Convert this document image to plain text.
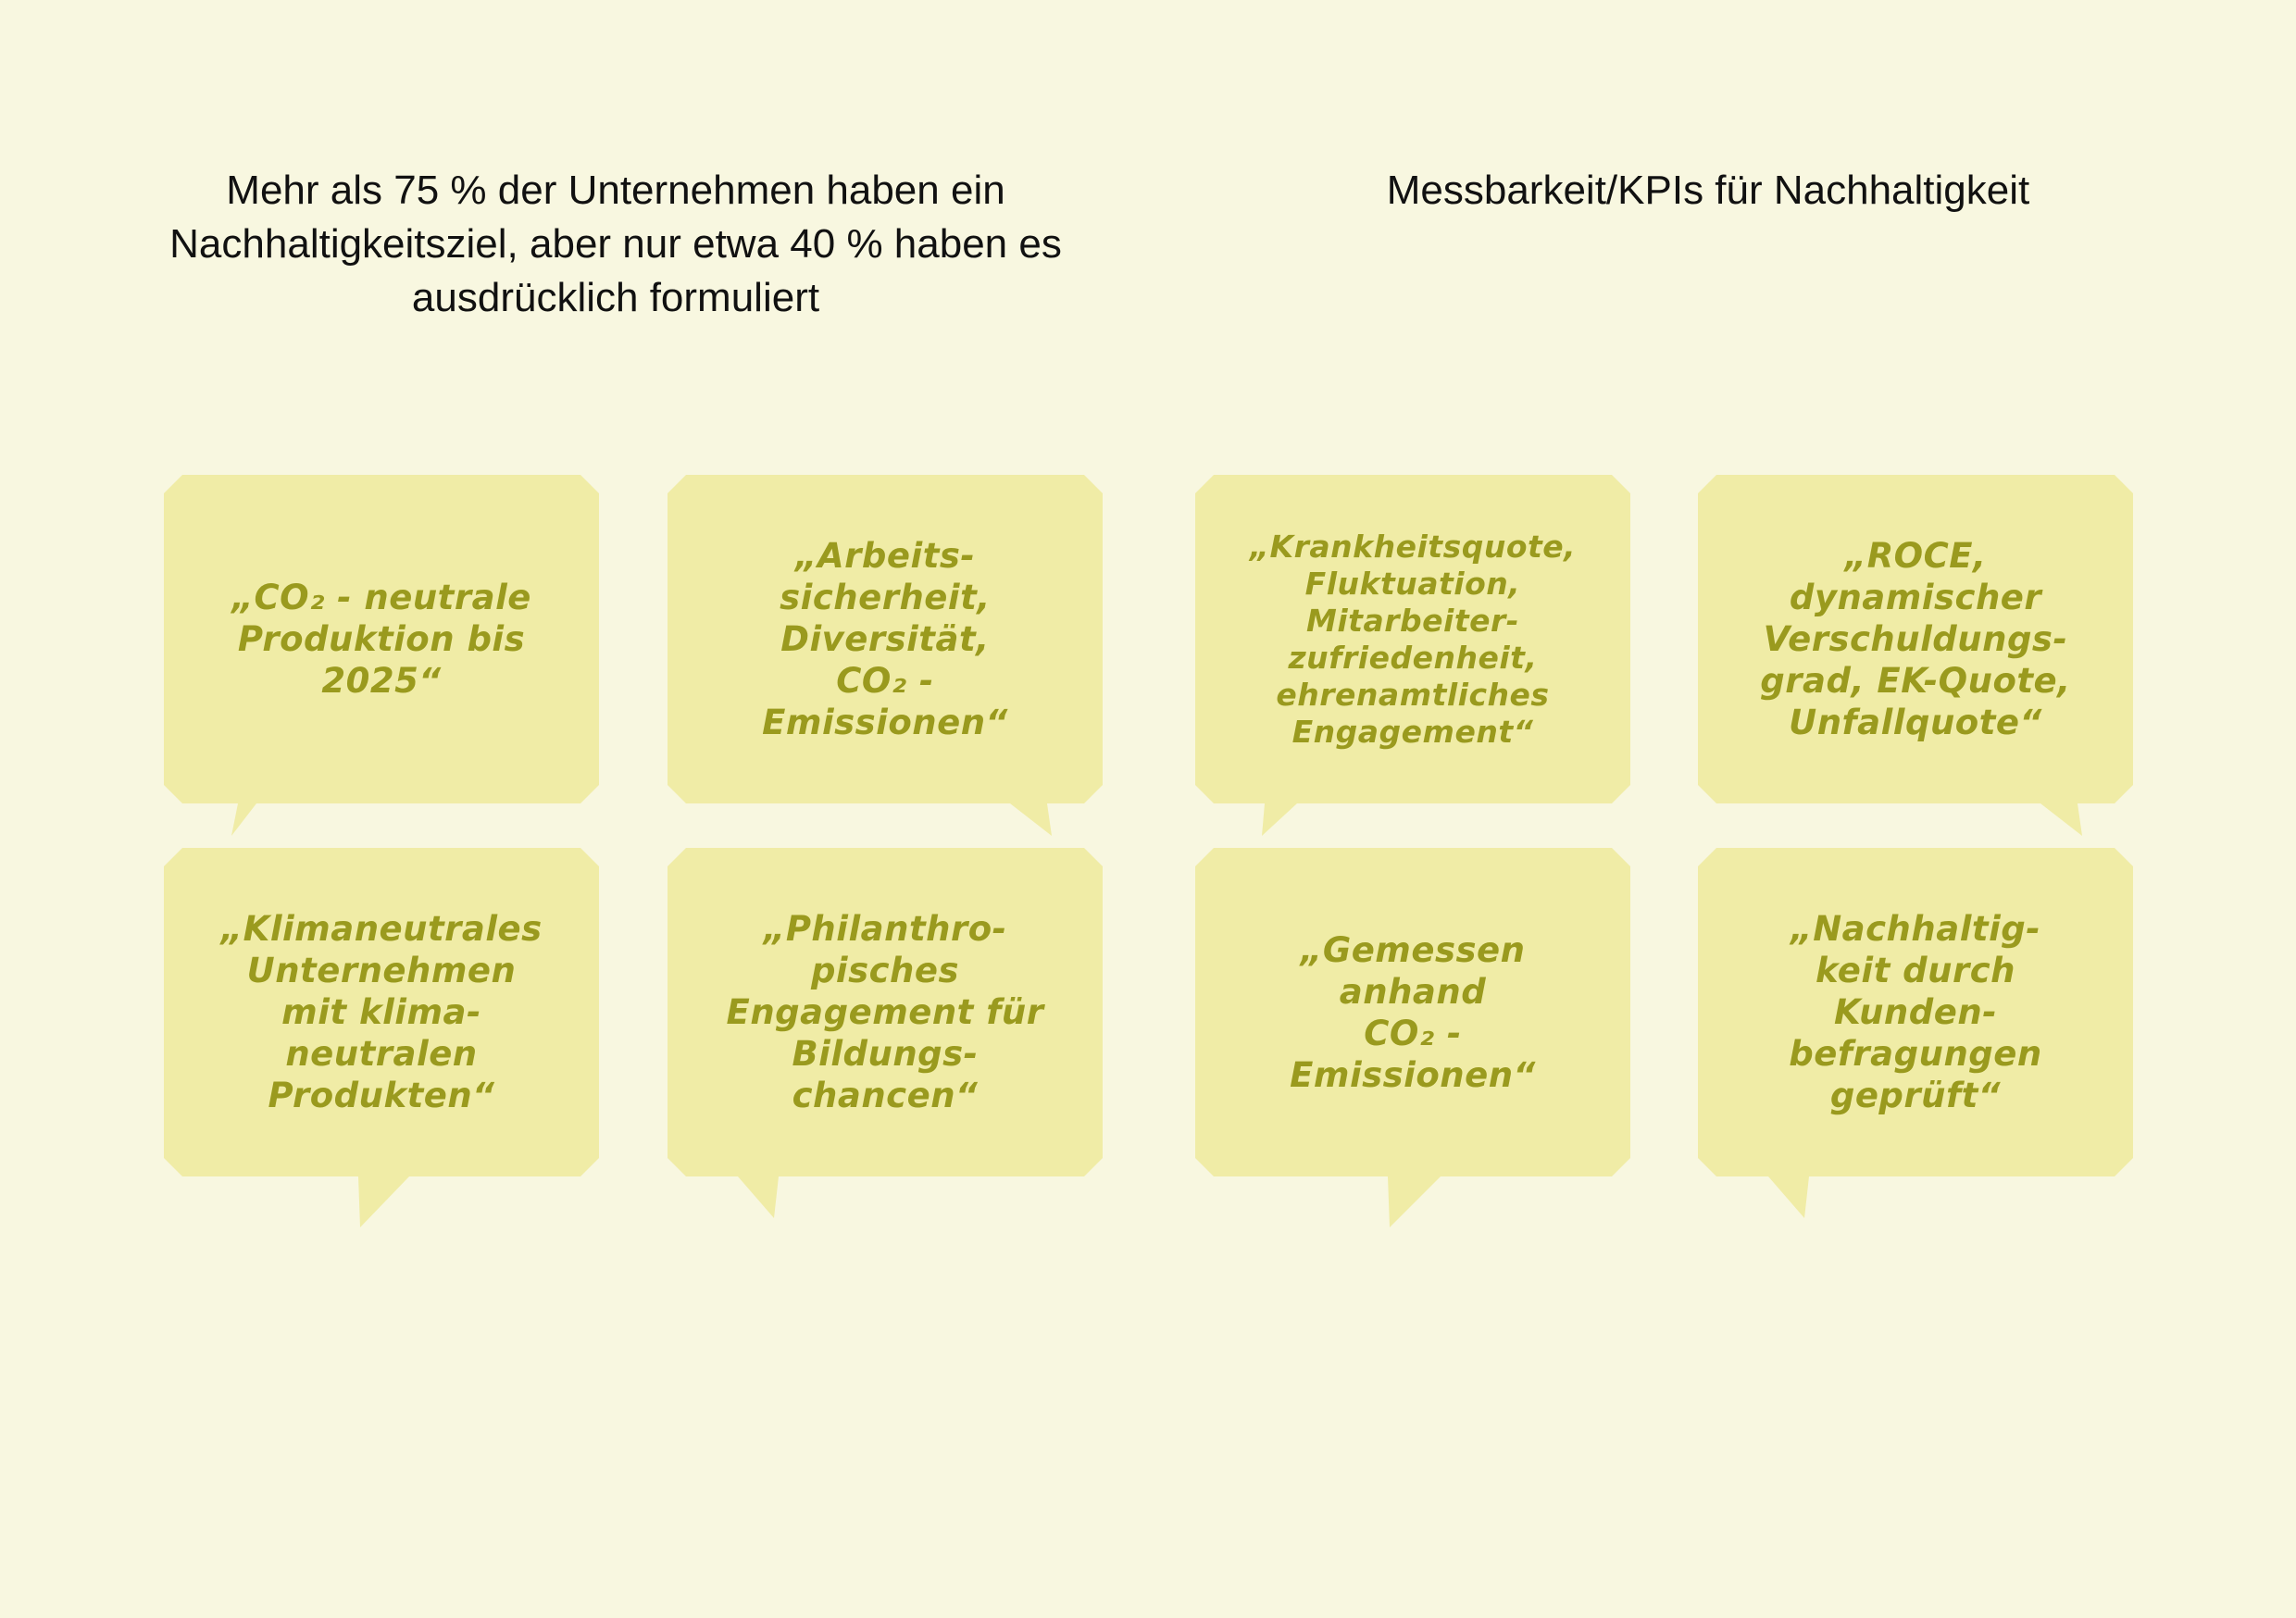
Mehr als 75 % der Unternehmen haben ein Nachhaltigkeitsziel, aber nur etwa 40 % haben es ausdrücklich formuliert
Messbarkeit/KPIs für Nachhaltigkeit
„CO₂ - neutrale
Produktion bis
2025“
„Arbeits-
sicherheit,
Diversität,
CO₂ -
Emissionen“
„Krankheitsquote,
Fluktuation,
Mitarbeiter-
zufriedenheit,
ehrenamtliches
Engagement“
„ROCE,
dynamischer
Verschuldungs-
grad, EK-Quote,
Unfallquote“
„Klimaneutrales
Unternehmen
mit klima-
neutralen
Produkten“
„Philanthro-
pisches
Engagement für
Bildungs-
chancen“
„Gemessen
anhand
CO₂ -
Emissionen“
„Nachhaltig-
keit durch
Kunden-
befragungen
geprüft“
